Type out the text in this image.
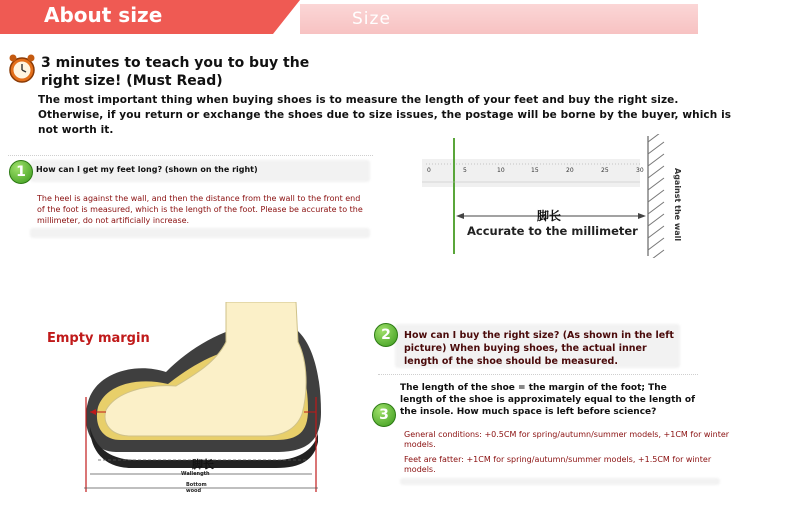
About size	Size
3 minutes to teach you to buy the right size! (Must Read)
The most important thing when buying shoes is to measure the length of your feet and buy the right size. Otherwise, if you return or exchange the shoes due to size issues, the postage will be borne by the buyer, which is not worth it.
1	How can I get my feet long? (shown on the right)
The heel is against the wall, and then the distance from the wall to the front end of the foot is measured, which is the length of the foot. Please be accurate to the millimeter, do not artificially increase.
0	5	10	15	20	25	30
脚长
Accurate to the millimeter	Against the wall
Empty margin
脚长
Wallength
Bottom wood
2	How can I buy the right size? (As shown in the left picture) When buying shoes, the actual inner length of the shoe should be measured.
3
The length of the shoe = the margin of the foot; The length of the shoe is approximately equal to the length of the insole. How much space is left before science?
General conditions: +0.5CM for spring/autumn/summer models, +1CM for winter models.
Feet are fatter: +1CM for spring/autumn/summer models, +1.5CM for winter models.
